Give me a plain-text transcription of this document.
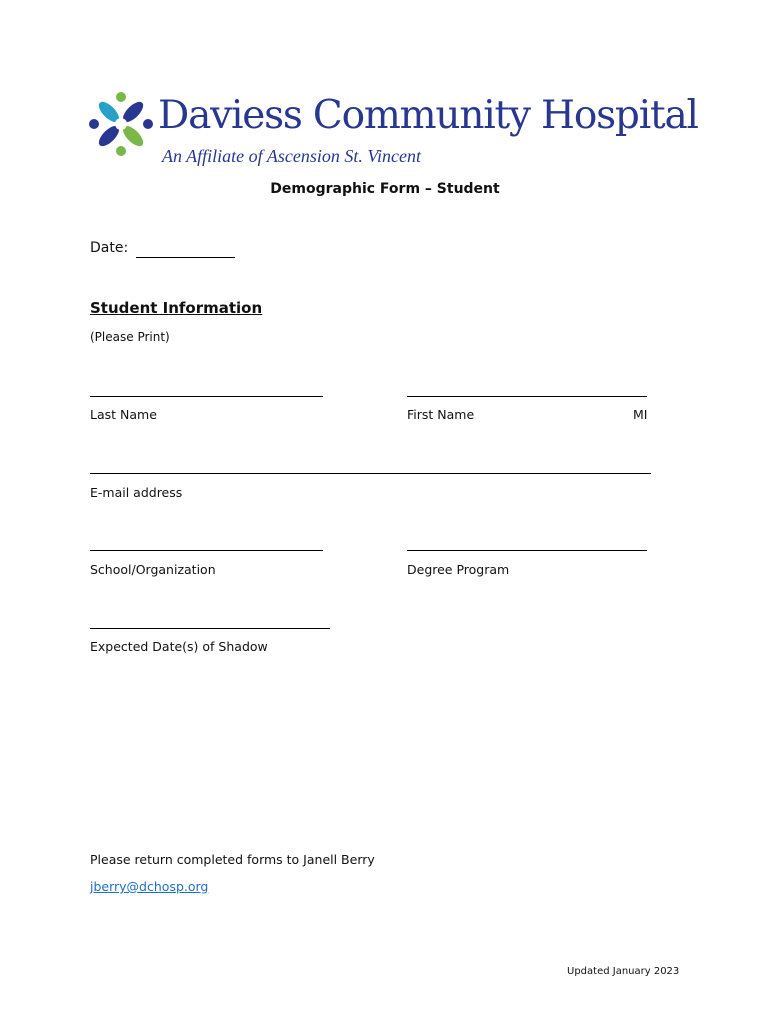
Daviess Community Hospital
An Affiliate of Ascension St. Vincent
Demographic Form – Student
Date:
Student Information
(Please Print)
Last Name	First Name	MI
E-mail address
School/Organization	Degree Program
Expected Date(s) of Shadow
Please return completed forms to Janell Berry
jberry@dchosp.org
Updated January 2023
